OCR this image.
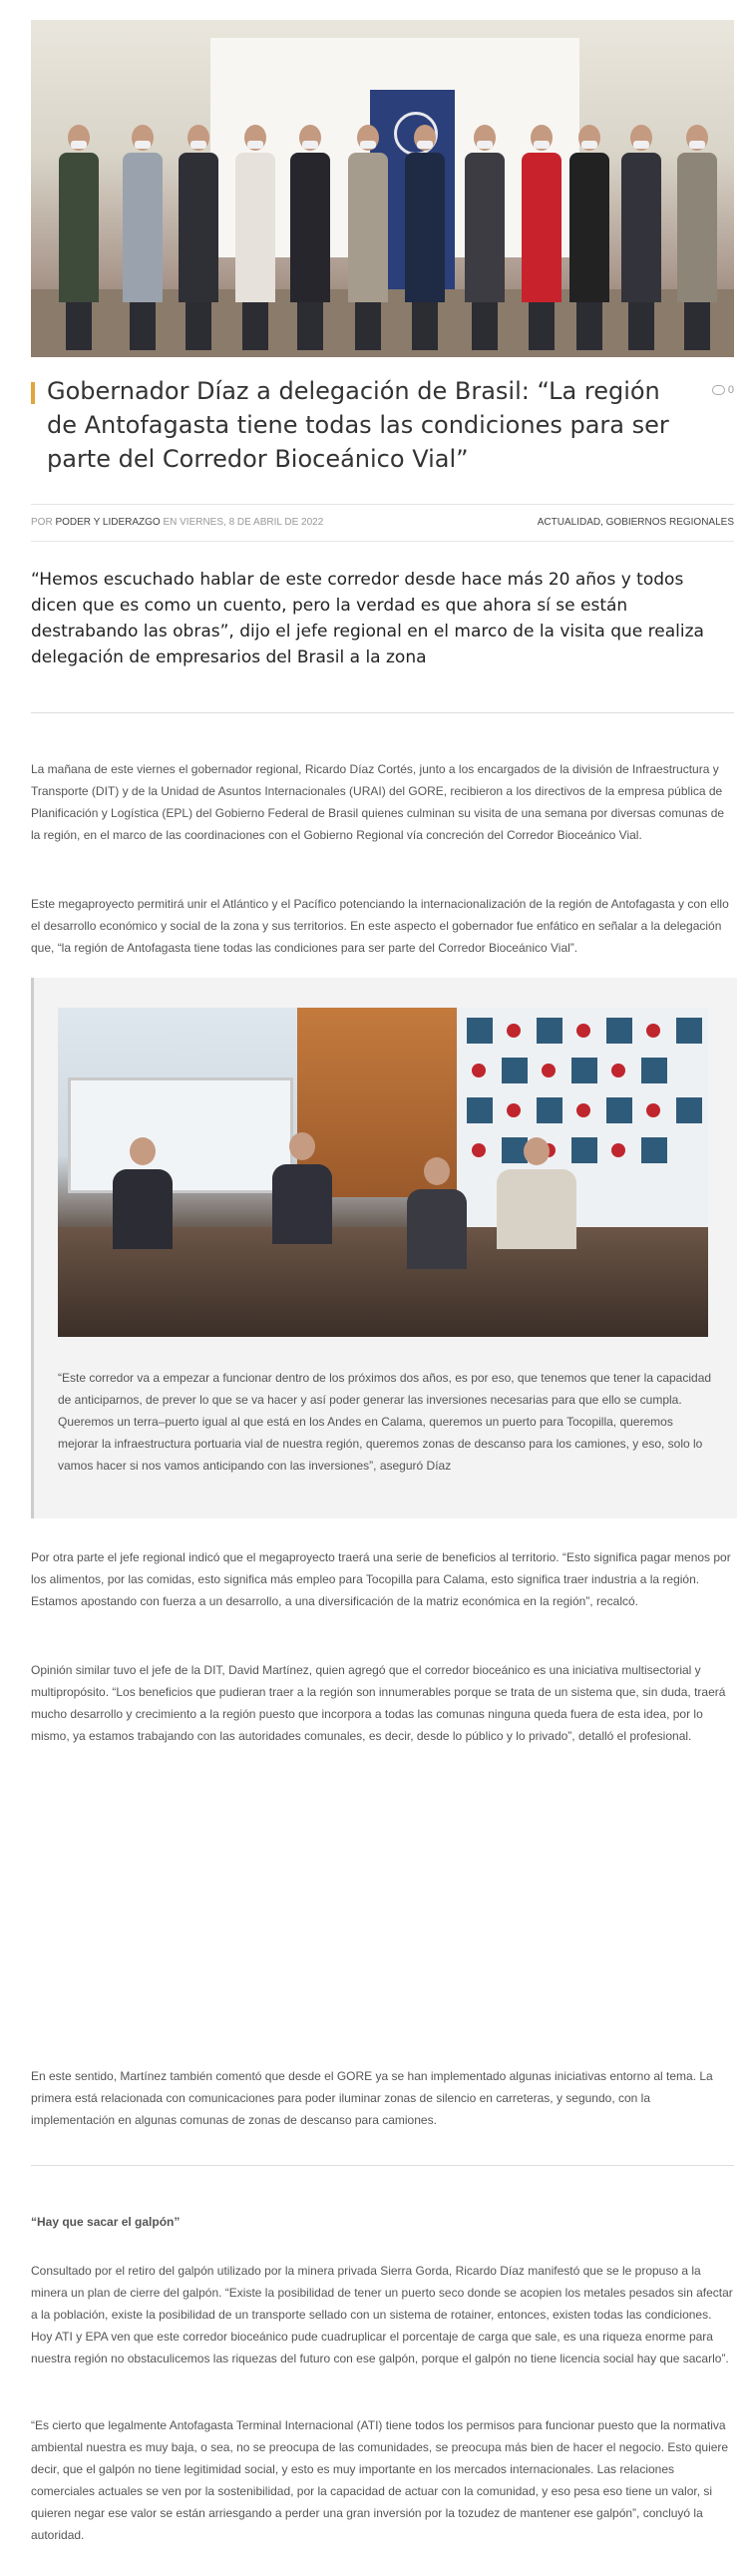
Gobernador Díaz a delegación de Brasil: “La región de Antofagasta tiene todas las condiciones para ser parte del Corredor Bioceánico Vial”
0
POR PODER Y LIDERAZGO EN VIERNES, 8 DE ABRIL DE 2022	ACTUALIDAD, GOBIERNOS REGIONALES

“Hemos escuchado hablar de este corredor desde hace más 20 años y todos dicen que es como un cuento, pero la verdad es que ahora sí se están destrabando las obras”, dijo el jefe regional en el marco de la visita que realiza delegación de empresarios del Brasil a la zona

La mañana de este viernes el gobernador regional, Ricardo Díaz Cortés, junto a los encargados de la división de Infraestructura y Transporte (DIT) y de la Unidad de Asuntos Internacionales (URAI) del GORE, recibieron a los directivos de la empresa pública de Planificación y Logística (EPL) del Gobierno Federal de Brasil quienes culminan su visita de una semana por diversas comunas de la región, en el marco de las coordinaciones con el Gobierno Regional vía concreción del Corredor Bioceánico Vial.

Este megaproyecto permitirá unir el Atlántico y el Pacífico potenciando la internacionalización de la región de Antofagasta y con ello el desarrollo económico y social de la zona y sus territorios. En este aspecto el gobernador fue enfático en señalar a la delegación que, “la región de Antofagasta tiene todas las condiciones para ser parte del Corredor Bioceánico Vial”.

“Este corredor va a empezar a funcionar dentro de los próximos dos años, es por eso, que tenemos que tener la capacidad de anticiparnos, de prever lo que se va hacer y así poder generar las inversiones necesarias para que ello se cumpla. Queremos un terra–puerto igual al que está en los Andes en Calama, queremos un puerto para Tocopilla, queremos mejorar la infraestructura portuaria vial de nuestra región, queremos zonas de descanso para los camiones, y eso, solo lo vamos hacer si nos vamos anticipando con las inversiones”, aseguró Díaz

Por otra parte el jefe regional indicó que el megaproyecto traerá una serie de beneficios al territorio. “Esto significa pagar menos por los alimentos, por las comidas, esto significa más empleo para Tocopilla para Calama, esto significa traer industria a la región. Estamos apostando con fuerza a un desarrollo, a una diversificación de la matriz económica en la región”, recalcó.

Opinión similar tuvo el jefe de la DIT, David Martínez, quien agregó que el corredor bioceánico es una iniciativa multisectorial y multipropósito. “Los beneficios que pudieran traer a la región son innumerables porque se trata de un sistema que, sin duda, traerá mucho desarrollo y crecimiento a la región puesto que incorpora a todas las comunas ninguna queda fuera de esta idea, por lo mismo, ya estamos trabajando con las autoridades comunales, es decir, desde lo público y lo privado”, detalló el profesional.

En este sentido, Martínez también comentó que desde el GORE ya se han implementado algunas iniciativas entorno al tema. La primera está relacionada con comunicaciones para poder iluminar zonas de silencio en carreteras, y segundo, con la implementación en algunas comunas de zonas de descanso para camiones.

“Hay que sacar el galpón”

Consultado por el retiro del galpón utilizado por la minera privada Sierra Gorda, Ricardo Díaz manifestó que se le propuso a la minera un plan de cierre del galpón. “Existe la posibilidad de tener un puerto seco donde se acopien los metales pesados sin afectar a la población, existe la posibilidad de un transporte sellado con un sistema de rotainer, entonces, existen todas las condiciones. Hoy ATI y EPA ven que este corredor bioceánico pude cuadruplicar el porcentaje de carga que sale, es una riqueza enorme para nuestra región no obstaculicemos las riquezas del futuro con ese galpón, porque el galpón no tiene licencia social hay que sacarlo”.

“Es cierto que legalmente Antofagasta Terminal Internacional (ATI) tiene todos los permisos para funcionar puesto que la normativa ambiental nuestra es muy baja, o sea, no se preocupa de las comunidades, se preocupa más bien de hacer el negocio. Esto quiere decir, que el galpón no tiene legitimidad social, y esto es muy importante en los mercados internacionales. Las relaciones comerciales actuales se ven por la sostenibilidad, por la capacidad de actuar con la comunidad, y eso pesa eso tiene un valor, si quieren negar ese valor se están arriesgando a perder una gran inversión por la tozudez de mantener ese galpón”, concluyó la autoridad.
